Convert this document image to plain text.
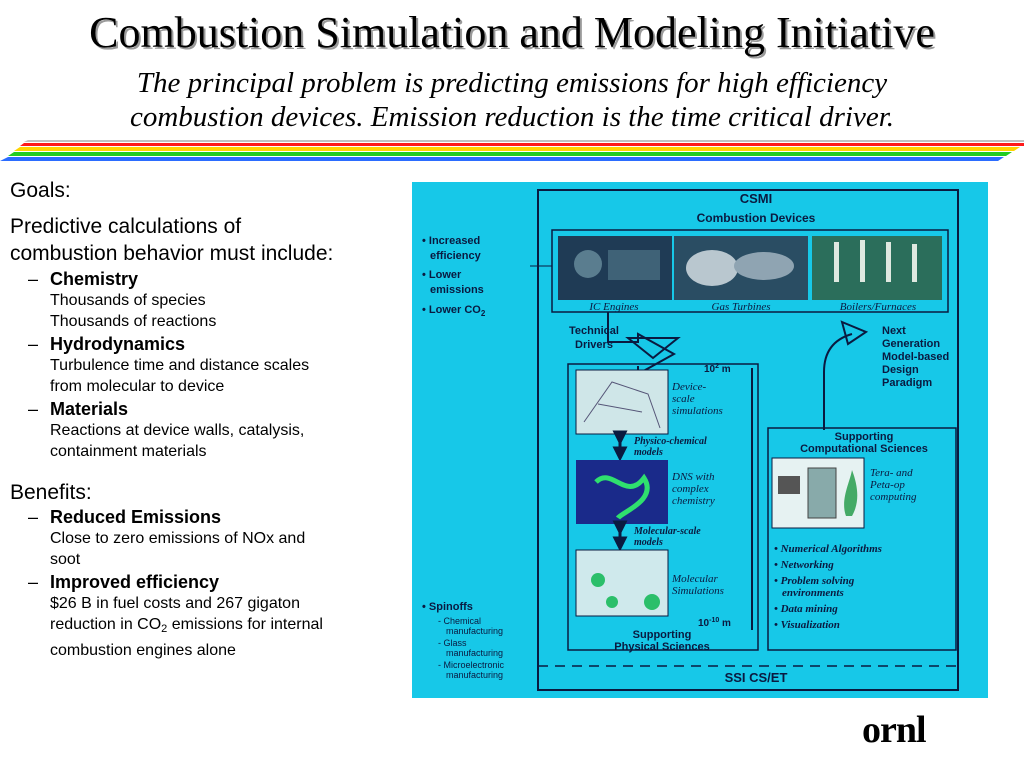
Combustion Simulation and Modeling Initiative
The principal problem is predicting emissions for high efficiency
combustion devices. Emission reduction is the time critical driver.
Goals:
Predictive calculations of
combustion behavior must include:
– Chemistry
Thousands of species
Thousands of reactions
– Hydrodynamics
Turbulence time and distance scales
from molecular to device
– Materials
Reactions at device walls, catalysis,
containment materials
Benefits:
– Reduced Emissions
Close to zero emissions of NOx and
soot
– Improved efficiency
$26 B in fuel costs and 267 gigaton
reduction in $CO_2$ emissions for internal
combustion engines alone
CSMI
Combustion Devices
IC Engines	Gas Turbines	Boilers/Furnaces
• Increased
efficiency
• Lower
emissions
• Lower $CO_2$
Technical
Drivers
Next
Generation
Model-based
Design
Paradigm
$10^2$ m
$10^{-10}$ m
Device-
scale
simulations
Physico-chemical
models
DNS with
complex
chemistry
Molecular-scale
models
Molecular
Simulations
Supporting
Physical Sciences
Supporting
Computational Sciences
Tera- and
Peta-op
computing
• Numerical Algorithms
• Networking
• Problem solving
environments
• Data mining
• Visualization
• Spinoffs
- Chemical
manufacturing
- Glass
manufacturing
- Microelectronic
manufacturing	SSI CS/ET
ornl
